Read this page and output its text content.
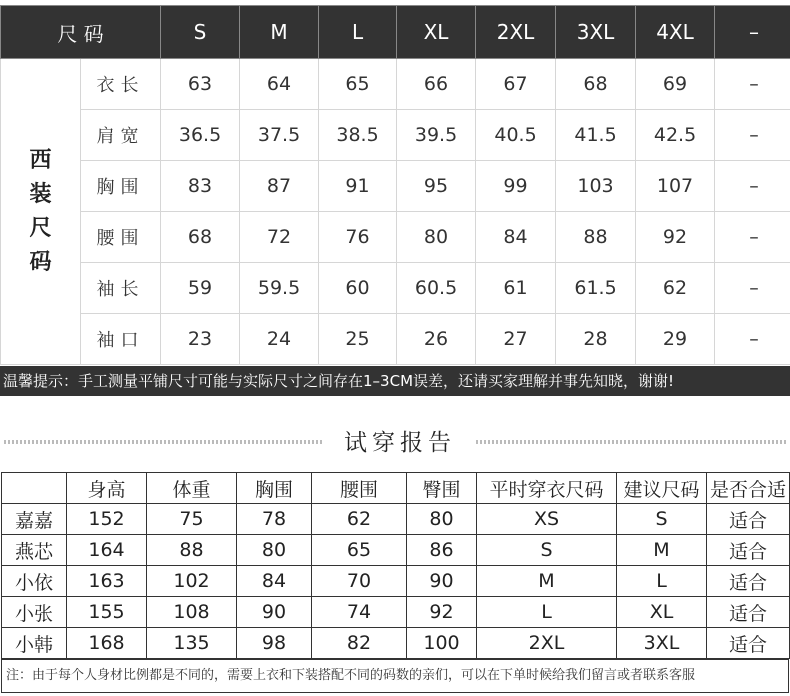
尺 码		S	M	L	XL	2XL	3XL	4XL	–

西
装
尺
码	衣长	63	64	65	66	67	68	69	–
	肩宽	36.5	37.5	38.5	39.5	40.5	41.5	42.5	–
	胸围	83	87	91	95	99	103	107	–
	腰围	68	72	76	80	84	88	92	–
	袖长	59	59.5	60	60.5	61	61.5	62	–
	袖口	23	24	25	26	27	28	29	–
温馨提示：手工测量平铺尺寸可能与实际尺寸之间存在1–3CM误差，还请买家理解并事先知晓，谢谢!
试穿报告
	身高	体重	胸围	腰围	臀围	平时穿衣尺码	建议尺码	是否合适
嘉嘉	152	75	78	62	80	XS	S	适合
燕芯	164	88	80	65	86	S	M	适合
小依	163	102	84	70	90	M	L	适合
小张	155	108	90	74	92	L	XL	适合
小韩	168	135	98	82	100	2XL	3XL	适合
注：由于每个人身材比例都是不同的，需要上衣和下装搭配不同的码数的亲们，可以在下单时候给我们留言或者联系客服
